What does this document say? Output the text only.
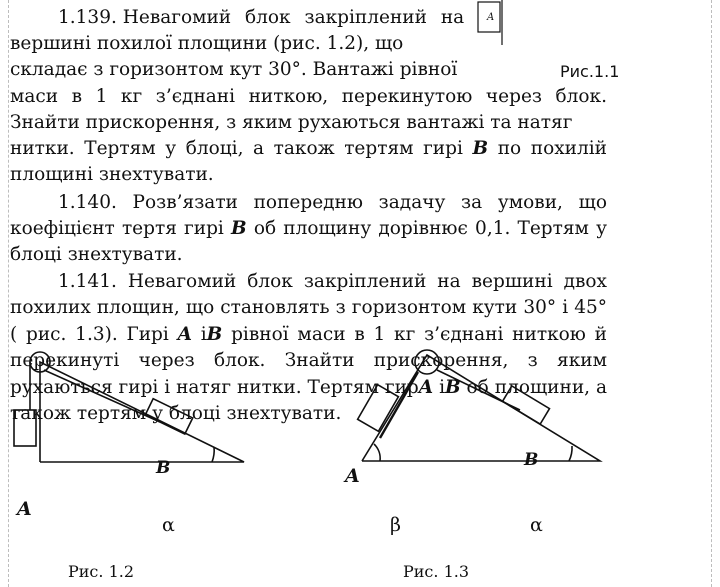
A
1.139. Невагомий блок закріплений на
вершині похилої площини (рис. 1.2), що
складає з горизонтом кут 30°. Вантажі рівної	Рис.1.1
маси в 1 кг з’єднані ниткою, перекинутою через блок.
Знайти прискорення, з яким рухаються вантажі та натяг
нитки. Тертям у блоці, а також тертям гирі B по похилій
площині знехтувати.
1.140. Розв’язати попередню задачу за умови, що
коефіцієнт тертя гирі B об площину дорівнює 0,1. Тертям у
блоці знехтувати.
1.141. Невагомий блок закріплений на вершині двох
похилих площин, що становлять з горизонтом кути 30° і 45°
( рис. 1.3). Гирі A іB рівної маси в 1 кг з’єднані ниткою й
перекинуті через блок. Знайти прискорення, з яким
рухаються гирі і натяг нитки. Тертям гирA іB об площини, а
також тертям у блоці знехтувати.
B
A
α
Рис. 1.2
A
B
β	α
Рис. 1.3
